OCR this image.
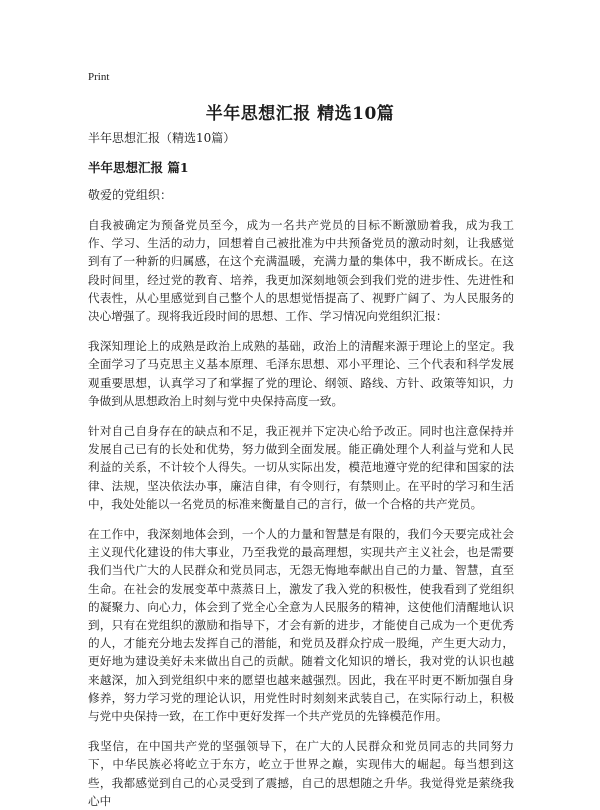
Print
半年思想汇报 精选10篇
半年思想汇报（精选10篇）
半年思想汇报 篇1
敬爱的党组织：

自我被确定为预备党员至今，成为一名共产党员的目标不断激励着我，成为我工作、学习、生活的动力，回想着自己被批准为中共预备党员的激动时刻，让我感觉到有了一种新的归属感，在这个充满温暖，充满力量的集体中，我不断成长。在这段时间里，经过党的教育、培养，我更加深刻地领会到我们党的进步性、先进性和代表性，从心里感觉到自己整个人的思想觉悟提高了、视野广阔了、为人民服务的决心增强了。现将我近段时间的思想、工作、学习情况向党组织汇报：

我深知理论上的成熟是政治上成熟的基础，政治上的清醒来源于理论上的坚定。我全面学习了马克思主义基本原理、毛泽东思想、邓小平理论、三个代表和科学发展观重要思想，认真学习了和掌握了党的理论、纲领、路线、方针、政策等知识，力争做到从思想政治上时刻与党中央保持高度一致。

针对自己自身存在的缺点和不足，我正视并下定决心给予改正。同时也注意保持并发展自己已有的长处和优势，努力做到全面发展。能正确处理个人利益与党和人民利益的关系，不计较个人得失。一切从实际出发，模范地遵守党的纪律和国家的法律、法规，坚决依法办事，廉洁自律，有令则行，有禁则止。在平时的学习和生活中，我处处能以一名党员的标准来衡量自己的言行，做一个合格的共产党员。

在工作中，我深刻地体会到，一个人的力量和智慧是有限的，我们今天要完成社会主义现代化建设的伟大事业，乃至我党的最高理想，实现共产主义社会，也是需要我们当代广大的人民群众和党员同志，无怨无悔地奉献出自己的力量、智慧，直至生命。在社会的发展变革中蒸蒸日上，激发了我入党的积极性，使我看到了党组织的凝聚力、向心力，体会到了党全心全意为人民服务的精神，这使他们清醒地认识到，只有在党组织的激励和指导下，才会有新的进步，才能使自己成为一个更优秀的人，才能充分地去发挥自己的潜能，和党员及群众拧成一股绳，产生更大动力，更好地为建设美好未来做出自己的贡献。随着文化知识的增长，我对党的认识也越来越深，加入到党组织中来的愿望也越来越强烈。因此，我在平时更不断加强自身修养，努力学习党的理论认识，用党性时时刻刻来武装自己，在实际行动上，积极与党中央保持一致，在工作中更好发挥一个共产党员的先锋模范作用。

我坚信，在中国共产党的坚强领导下，在广大的人民群众和党员同志的共同努力下，中华民族必将屹立于东方，屹立于世界之巅，实现伟大的崛起。每当想到这些，我都感觉到自己的心灵受到了震撼，自己的思想随之升华。我觉得党是萦绕我心中
